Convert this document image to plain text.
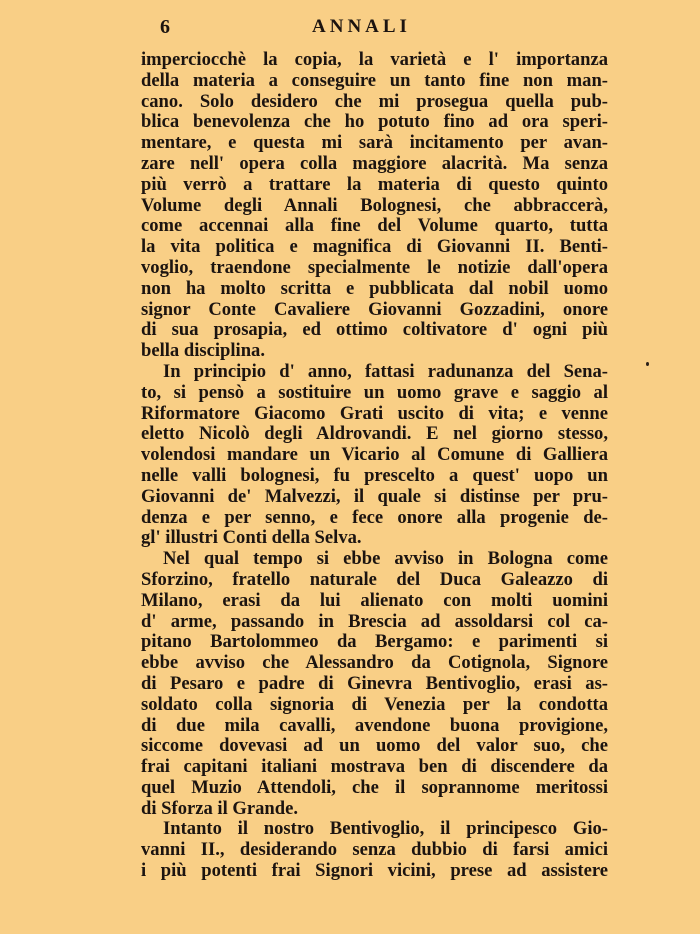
6	ANNALI
imperciocchè la copia, la varietà e l' importanza
della materia a conseguire un tanto fine non man-
cano. Solo desidero che mi prosegua quella pub-
blica benevolenza che ho potuto fino ad ora speri-
mentare, e questa mi sarà incitamento per avan-
zare nell' opera colla maggiore alacrità. Ma senza
più verrò a trattare la materia di questo quinto
Volume degli Annali Bolognesi, che abbraccerà,
come accennai alla fine del Volume quarto, tutta
la vita politica e magnifica di Giovanni II. Benti-
voglio, traendone specialmente le notizie dall'opera
non ha molto scritta e pubblicata dal nobil uomo
signor Conte Cavaliere Giovanni Gozzadini, onore
di sua prosapia, ed ottimo coltivatore d' ogni più
bella disciplina.
In principio d' anno, fattasi radunanza del Sena-
to, si pensò a sostituire un uomo grave e saggio al
Riformatore Giacomo Grati uscito di vita; e venne
eletto Nicolò degli Aldrovandi. E nel giorno stesso,
volendosi mandare un Vicario al Comune di Galliera
nelle valli bolognesi, fu prescelto a quest' uopo un
Giovanni de' Malvezzi, il quale si distinse per pru-
denza e per senno, e fece onore alla progenie de-
gl' illustri Conti della Selva.
Nel qual tempo si ebbe avviso in Bologna come
Sforzino, fratello naturale del Duca Galeazzo di
Milano, erasi da lui alienato con molti uomini
d' arme, passando in Brescia ad assoldarsi col ca-
pitano Bartolommeo da Bergamo: e parimenti si
ebbe avviso che Alessandro da Cotignola, Signore
di Pesaro e padre di Ginevra Bentivoglio, erasi as-
soldato colla signoria di Venezia per la condotta
di due mila cavalli, avendone buona provigione,
siccome dovevasi ad un uomo del valor suo, che
frai capitani italiani mostrava ben di discendere da
quel Muzio Attendoli, che il soprannome meritossi
di Sforza il Grande.
Intanto il nostro Bentivoglio, il principesco Gio-
vanni II., desiderando senza dubbio di farsi amici
i più potenti frai Signori vicini, prese ad assistere
